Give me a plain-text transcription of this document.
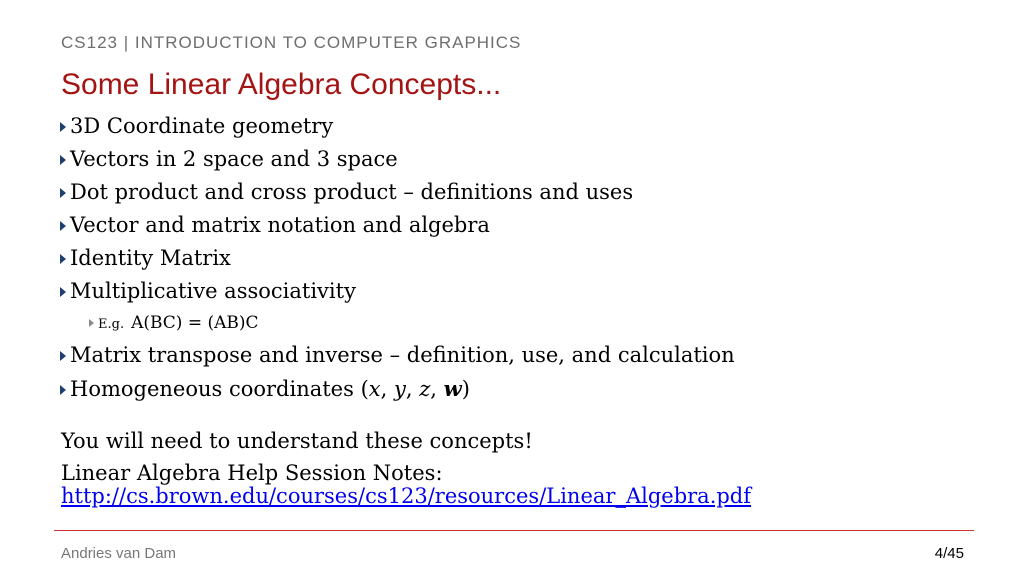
CS123 | INTRODUCTION TO COMPUTER GRAPHICS
Some Linear Algebra Concepts...
3D Coordinate geometry
Vectors in 2 space and 3 space
Dot product and cross product – definitions and uses
Vector and matrix notation and algebra
Identity Matrix
Multiplicative associativity
E.g. A(BC) = (AB)C
Matrix transpose and inverse – definition, use, and calculation
Homogeneous coordinates (x, y, z, w)
You will need to understand these concepts!
Linear Algebra Help Session Notes:
http://cs.brown.edu/courses/cs123/resources/Linear_Algebra.pdf
Andries van Dam	4/45
